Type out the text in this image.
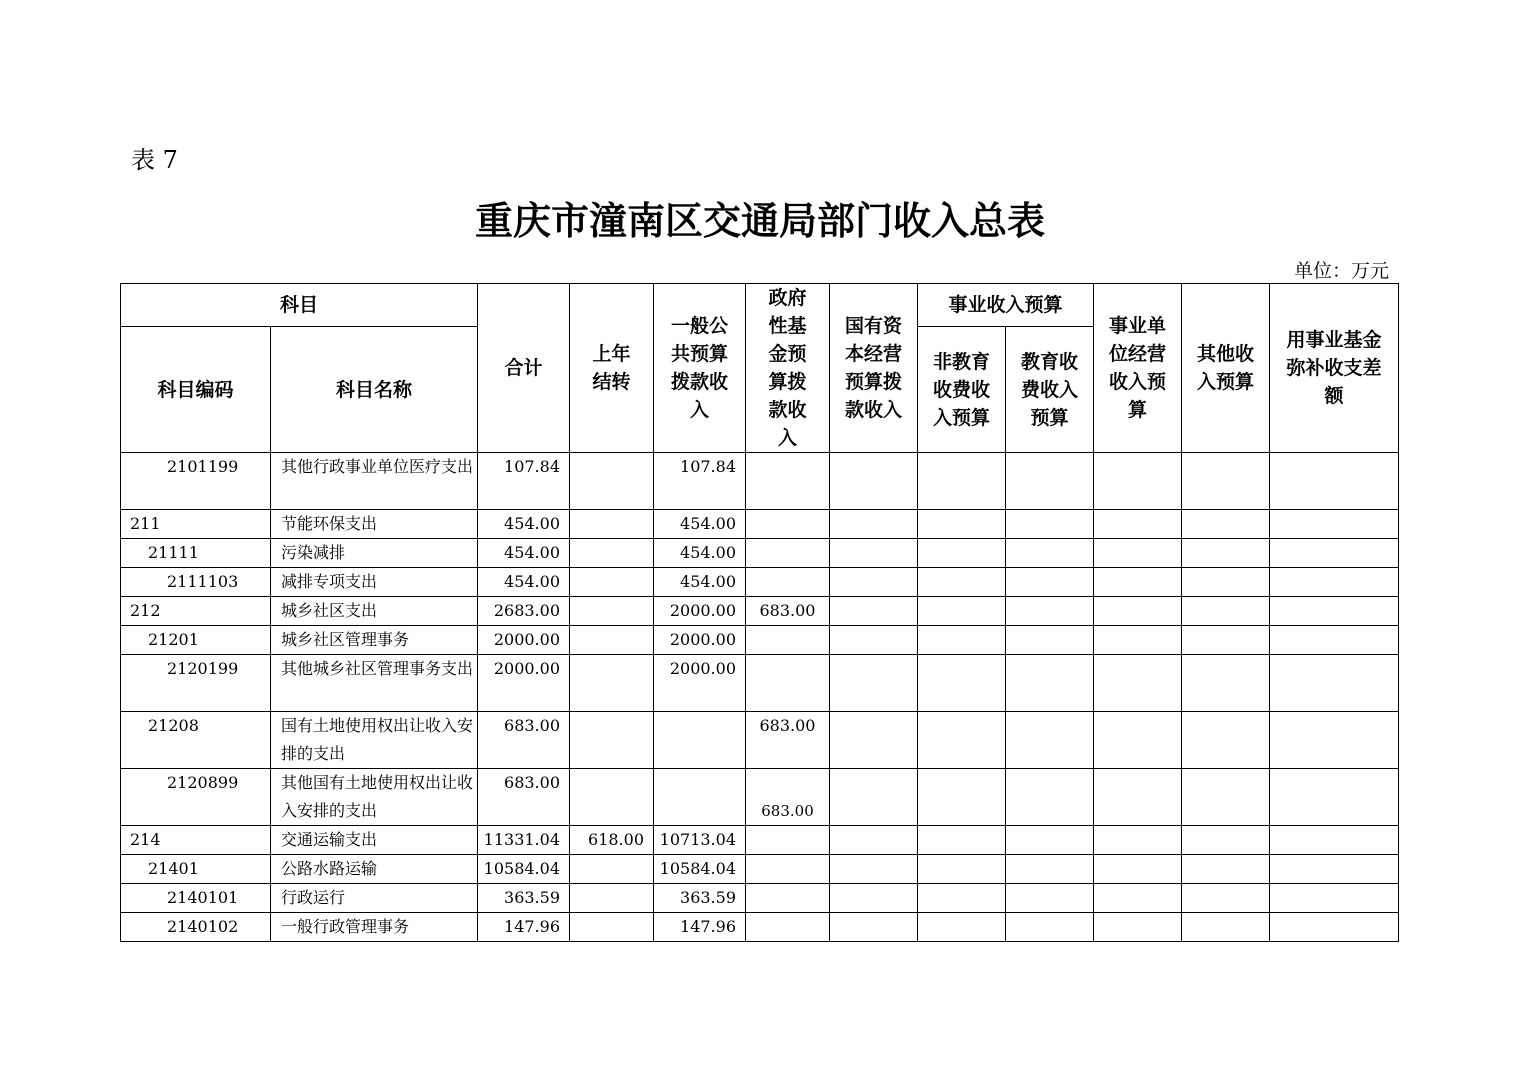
表 7
重庆市潼南区交通局部门收入总表
单位：万元
科目		合计	上年结转	一般公共预算拨款收入	政府性基金预算拨款收入	国有资本经营预算拨款收入	事业收入预算		事业单位经营收入预算	其他收入预算	用事业基金弥补收支差额
科目编码	科目名称						非教育收费收入预算	教育收费收入预算			
2101199	其他行政事业单位医疗支出	107.84		107.84							
211	节能环保支出	454.00		454.00							
21111	污染减排	454.00		454.00							
2111103	减排专项支出	454.00		454.00							
212	城乡社区支出	2683.00		2000.00	683.00						
21201	城乡社区管理事务	2000.00		2000.00							
2120199	其他城乡社区管理事务支出	2000.00		2000.00							
21208	国有土地使用权出让收入安排的支出	683.00			683.00						
2120899	其他国有土地使用权出让收入安排的支出	683.00			683.00						
214	交通运输支出	11331.04	618.00	10713.04							
21401	公路水路运输	10584.04		10584.04							
2140101	行政运行	363.59		363.59							
2140102	一般行政管理事务	147.96		147.96							
